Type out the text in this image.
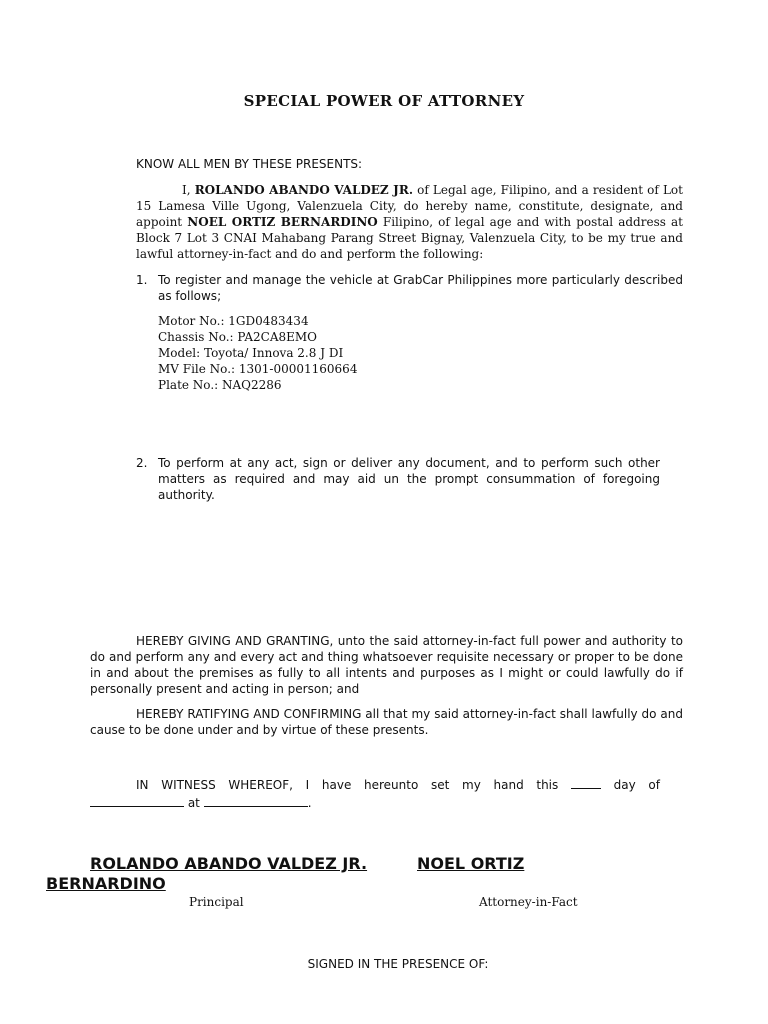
SPECIAL POWER OF ATTORNEY
KNOW ALL MEN BY THESE PRESENTS:
I, ROLANDO ABANDO VALDEZ JR. of Legal age, Filipino, and a resident of Lot 15 Lamesa Ville Ugong, Valenzuela City, do hereby name, constitute, designate, and appoint NOEL ORTIZ BERNARDINO Filipino, of legal age and with postal address at Block 7 Lot 3 CNAI Mahabang Parang Street Bignay, Valenzuela City, to be my true and lawful attorney-in-fact and do and perform the following:
1. To register and manage the vehicle at GrabCar Philippines more particularly described as follows;
Motor No.: 1GD0483434
Chassis No.: PA2CA8EMO
Model: Toyota/ Innova 2.8 J DI
MV File No.: 1301-00001160664
Plate No.: NAQ2286
2. To perform at any act, sign or deliver any document, and to perform such other matters as required and may aid un the prompt consummation of foregoing authority.
HEREBY GIVING AND GRANTING, unto the said attorney-in-fact full power and authority to do and perform any and every act and thing whatsoever requisite necessary or proper to be done in and about the premises as fully to all intents and purposes as I might or could lawfully do if personally present and acting in person; and
HEREBY RATIFYING AND CONFIRMING all that my said attorney-in-fact shall lawfully do and cause to be done under and by virtue of these presents.
IN WITNESS WHEREOF, I have hereunto set my hand this	day of
at	.
ROLANDO ABANDO VALDEZ JR.	NOEL ORTIZ
BERNARDINO
Principal	Attorney-in-Fact
SIGNED IN THE PRESENCE OF:
